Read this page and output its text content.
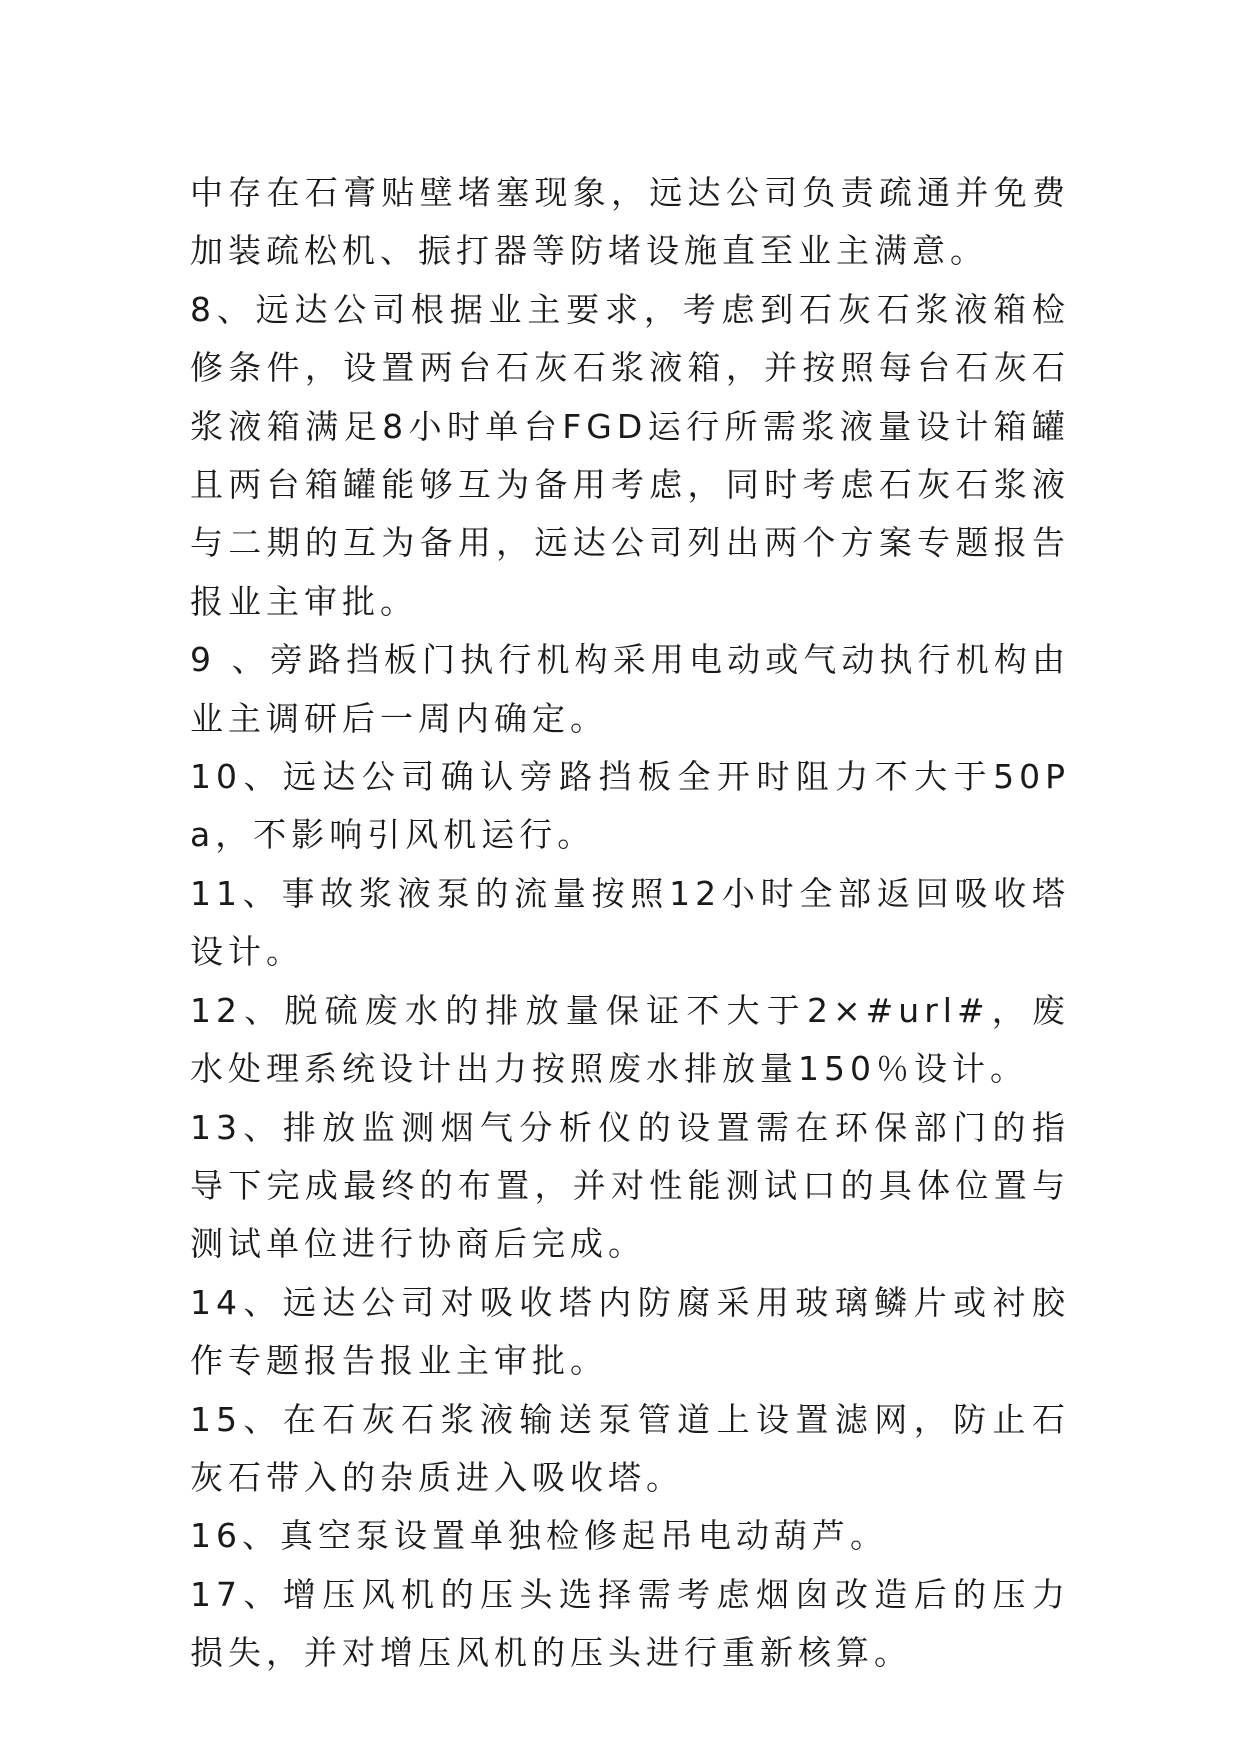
中存在石膏贴壁堵塞现象，远达公司负责疏通并免费加装疏松机、振打器等防堵设施直至业主满意。

8、远达公司根据业主要求，考虑到石灰石浆液箱检修条件，设置两台石灰石浆液箱，并按照每台石灰石浆液箱满足8小时单台FGD运行所需浆液量设计箱罐且两台箱罐能够互为备用考虑，同时考虑石灰石浆液与二期的互为备用，远达公司列出两个方案专题报告报业主审批。

9 、旁路挡板门执行机构采用电动或气动执行机构由业主调研后一周内确定。

10、远达公司确认旁路挡板全开时阻力不大于50Pa，不影响引风机运行。

11、事故浆液泵的流量按照12小时全部返回吸收塔设计。

12、脱硫废水的排放量保证不大于2×#url#，废水处理系统设计出力按照废水排放量150％设计。

13、排放监测烟气分析仪的设置需在环保部门的指导下完成最终的布置，并对性能测试口的具体位置与测试单位进行协商后完成。

14、远达公司对吸收塔内防腐采用玻璃鳞片或衬胶作专题报告报业主审批。

15、在石灰石浆液输送泵管道上设置滤网，防止石灰石带入的杂质进入吸收塔。

16、真空泵设置单独检修起吊电动葫芦。

17、增压风机的压头选择需考虑烟囱改造后的压力损失，并对增压风机的压头进行重新核算。
